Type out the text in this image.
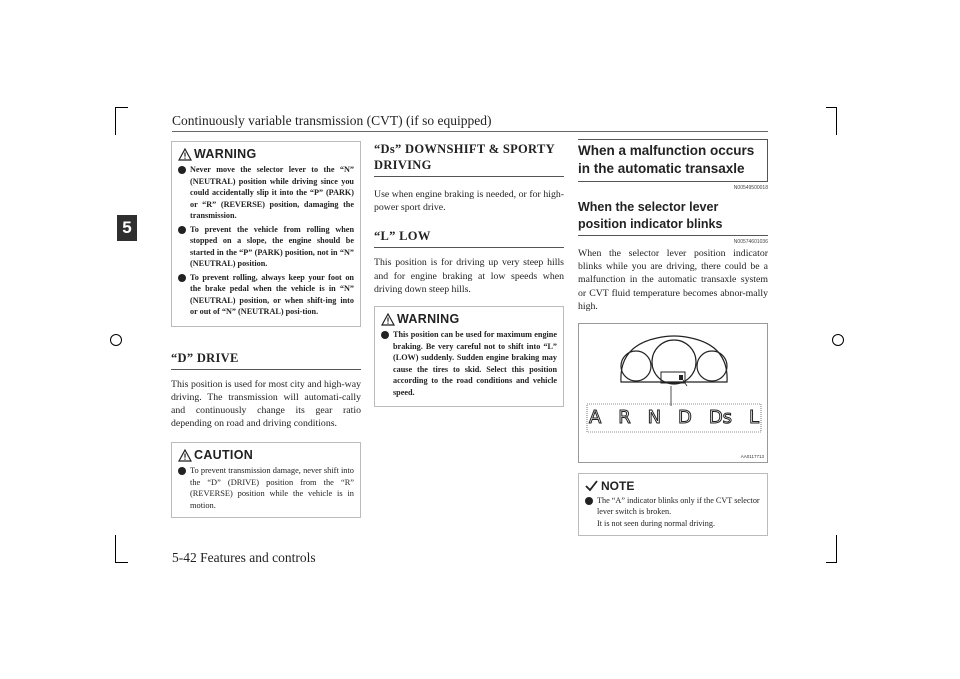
Continuously variable transmission (CVT) (if so equipped)
5
5-42 Features and controls
WARNING
Never move the selector lever to the “N” (NEUTRAL) position while driving since you could accidentally slip it into the “P” (PARK) or “R” (REVERSE) position, damaging the transmission.
To prevent the vehicle from rolling when stopped on a slope, the engine should be started in the “P” (PARK) position, not in “N” (NEUTRAL) position.
To prevent rolling, always keep your foot on the brake pedal when the vehicle is in “N” (NEUTRAL) position, or when shift-ing into or out of “N” (NEUTRAL) posi-tion.
“D” DRIVE
This position is used for most city and high-way driving. The transmission will automati-cally and continuously change its gear ratio depending on road and driving conditions.
CAUTION
To prevent transmission damage, never shift into the “D” (DRIVE) position from the “R” (REVERSE) position while the vehicle is in motion.
“Ds” DOWNSHIFT & SPORTY DRIVING
Use when engine braking is needed, or for high-power sport drive.
“L” LOW
This position is for driving up very steep hills and for engine braking at low speeds when driving down steep hills.
WARNING
This position can be used for maximum engine braking. Be very careful not to shift into “L” (LOW) suddenly. Sudden engine braking may cause the tires to skid. Select this position according to the road conditions and vehicle speed.
When a malfunction occurs in the automatic transaxle
N00549500018
When the selector lever position indicator blinks
N00574601036
When the selector lever position indicator blinks while you are driving, there could be a malfunction in the automatic transaxle system or CVT fluid temperature becomes abnor-mally high.
A R N D Ds L
AA0117713
NOTE
The “A” indicator blinks only if the CVT selector lever switch is broken.
It is not seen during normal driving.
